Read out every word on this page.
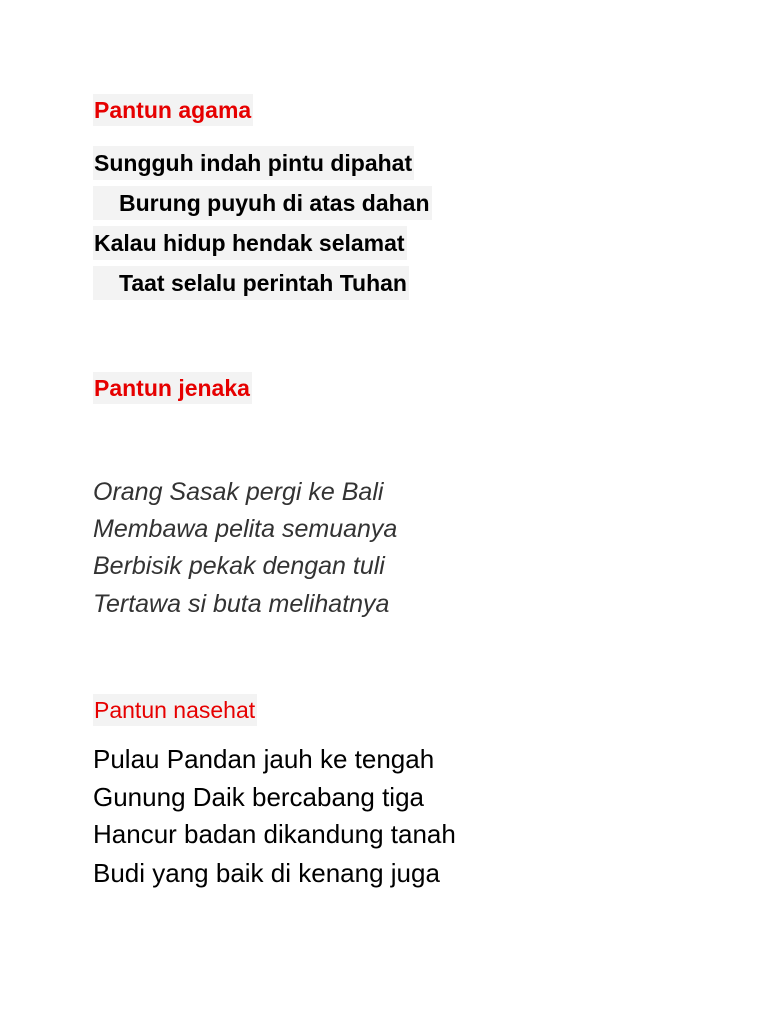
Pantun agama
Sungguh indah pintu dipahat
Burung puyuh di atas dahan
Kalau hidup hendak selamat
Taat selalu perintah Tuhan
Pantun jenaka
Orang Sasak pergi ke Bali
Membawa pelita semuanya
Berbisik pekak dengan tuli
Tertawa si buta melihatnya
Pantun nasehat
Pulau Pandan jauh ke tengah
Gunung Daik bercabang tiga
Hancur badan dikandung tanah
Budi yang baik di kenang juga
